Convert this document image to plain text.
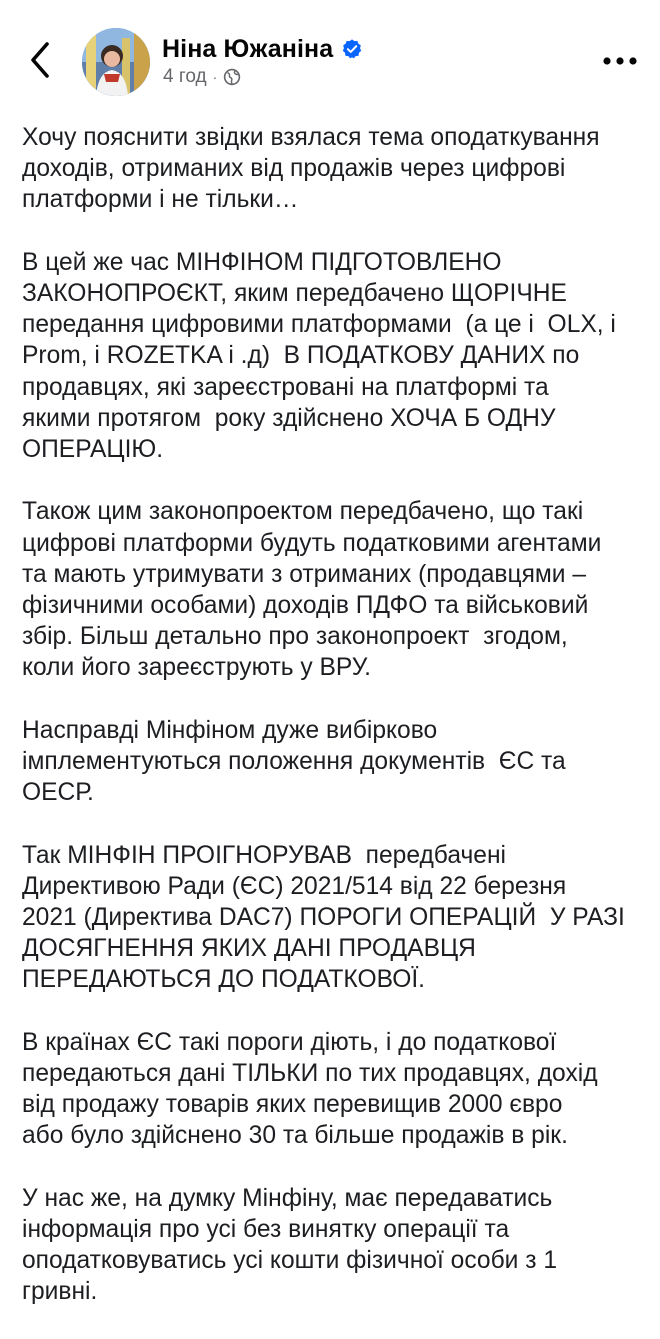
Ніна Южаніна
4 год ·
Хочу пояснити звідки взялася тема оподаткування
доходів, отриманих від продажів через цифрові
платформи і не тільки…
В цей же час МІНФІНОМ ПІДГОТОВЛЕНО
ЗАКОНОПРОЄКТ, яким передбачено ЩОРІЧНЕ
передання цифровими платформами  (а це і  OLX, і
Prom, і ROZETKA і .д)  В ПОДАТКОВУ ДАНИХ по
продавцях, які зареєстровані на платформі та
якими протягом  року здійснено ХОЧА Б ОДНУ
ОПЕРАЦІЮ.
Також цим законопроектом передбачено, що такі
цифрові платформи будуть податковими агентами
та мають утримувати з отриманих (продавцями –
фізичними особами) доходів ПДФО та військовий
збір. Більш детально про законопроект  згодом,
коли його зареєструють у ВРУ.
Насправді Мінфіном дуже вибірково
імплементуються положення документів  ЄС та
ОЕСР.
Так МІНФІН ПРОІГНОРУВАВ  передбачені
Директивою Ради (ЄС) 2021/514 від 22 березня
2021 (Директива DAC7) ПОРОГИ ОПЕРАЦІЙ  У РАЗІ
ДОСЯГНЕННЯ ЯКИХ ДАНІ ПРОДАВЦЯ
ПЕРЕДАЮТЬСЯ ДО ПОДАТКОВОЇ.
В країнах ЄС такі пороги діють, і до податкової
передаються дані ТІЛЬКИ по тих продавцях, дохід
від продажу товарів яких перевищив 2000 євро
або було здійснено 30 та більше продажів в рік.
У нас же, на думку Мінфіну, має передаватись
інформація про усі без винятку операції та
оподатковуватись усі кошти фізичної особи з 1
гривні.
